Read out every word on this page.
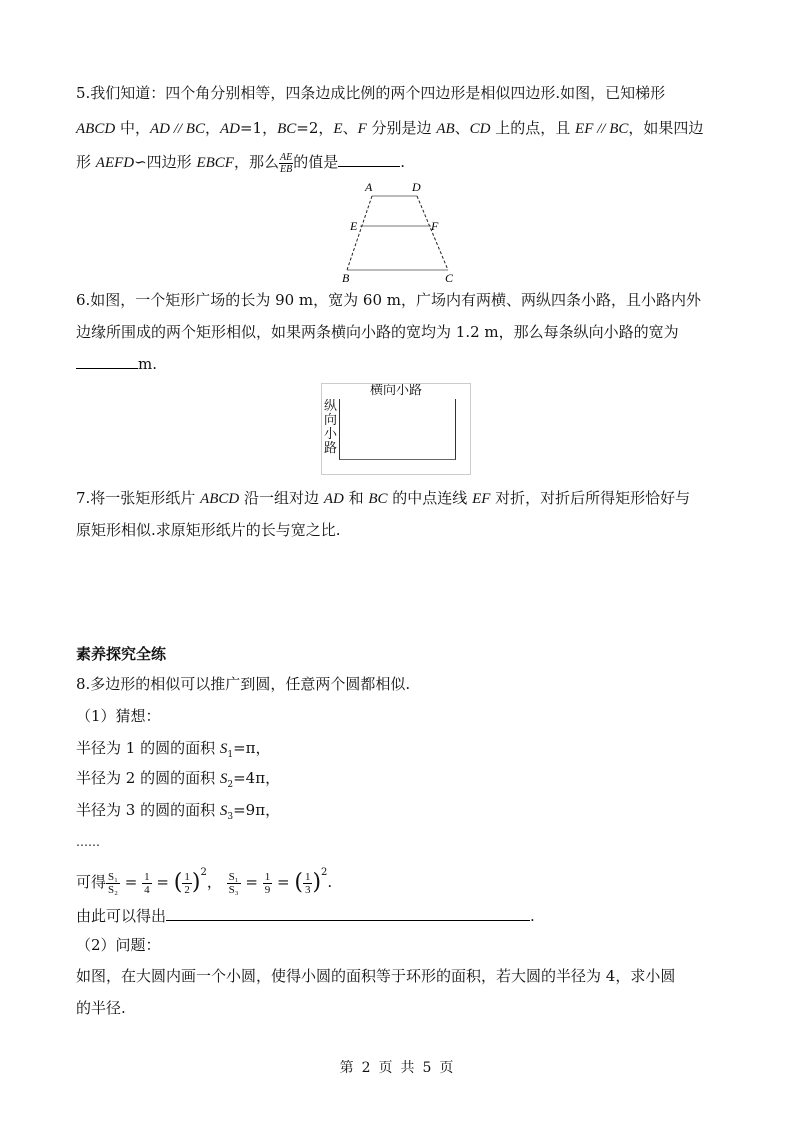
5.我们知道：四个角分别相等，四条边成比例的两个四边形是相似四边形.如图，已知梯形
ABCD 中，AD // BC，AD=1，BC=2，E、F 分别是边 AB、CD 上的点，且 EF // BC，如果四边
形 AEFD∽四边形 EBCF，那么 $\frac{AE}{EB}$ 的值是	.
A	D
E	F
B	C
6.如图，一个矩形广场的长为 90 m，宽为 60 m，广场内有两横、两纵四条小路，且小路内外
边缘所围成的两个矩形相似，如果两条横向小路的宽均为 1.2 m，那么每条纵向小路的宽为
m.
横向小路
纵
向
小
路
7.将一张矩形纸片 ABCD 沿一组对边 AD 和 BC 的中点连线 EF 对折，对折后所得矩形恰好与
原矩形相似.求原矩形纸片的长与宽之比.
素养探究全练
8.多边形的相似可以推广到圆，任意两个圆都相似.
（1）猜想：
半径为 1 的圆的面积 $S_1=\pi$，
半径为 2 的圆的面积 $S_2=4\pi$，
半径为 3 的圆的面积 $S_3=9\pi$，
……
可得 $\frac{\text{S₁}}{\text{S₂}} = \frac{1}{4}$ = ( $\frac{1}{2} )^2$， $\frac{\text{S₁}}{\text{S₃}} = \frac{1}{9}$ = ( $\frac{1}{3} )^2$.
由此可以得出	.
（2）问题：
如图，在大圆内画一个小圆，使得小圆的面积等于环形的面积，若大圆的半径为 4，求小圆
的半径.
第 2 页 共 5 页
